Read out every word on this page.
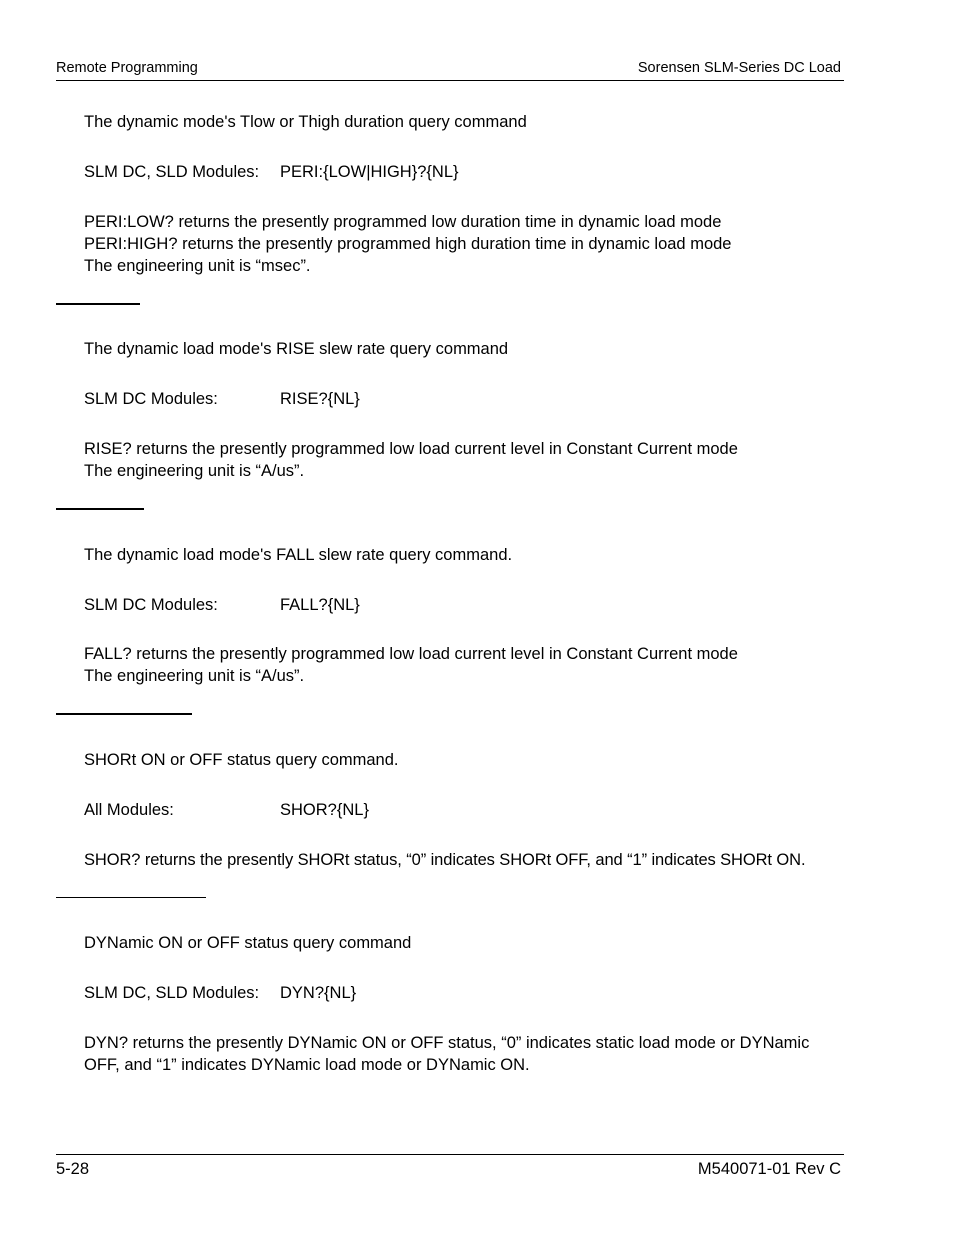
Remote Programming	Sorensen SLM-Series DC Load
The dynamic mode's Tlow or Thigh duration query command
SLM DC, SLD Modules: PERI:{LOW|HIGH}?{NL}
PERI:LOW? returns the presently programmed low duration time in dynamic load mode
PERI:HIGH? returns the presently programmed high duration time in dynamic load mode
The engineering unit is “msec”.
The dynamic load mode's RISE slew rate query command
SLM DC Modules:	RISE?{NL}
RISE? returns the presently programmed low load current level in Constant Current mode
The engineering unit is “A/us”.
The dynamic load mode's FALL slew rate query command.
SLM DC Modules:	FALL?{NL}
FALL? returns the presently programmed low load current level in Constant Current mode
The engineering unit is “A/us”.
SHORt ON or OFF status query command.
All Modules:	SHOR?{NL}
SHOR? returns the presently SHORt status, “0” indicates SHORt OFF, and “1” indicates SHORt ON.
DYNamic ON or OFF status query command
SLM DC, SLD Modules: DYN?{NL}
DYN? returns the presently DYNamic ON or OFF status, “0” indicates static load mode or DYNamic
OFF, and “1” indicates DYNamic load mode or DYNamic ON.
5-28	M540071-01 Rev C
